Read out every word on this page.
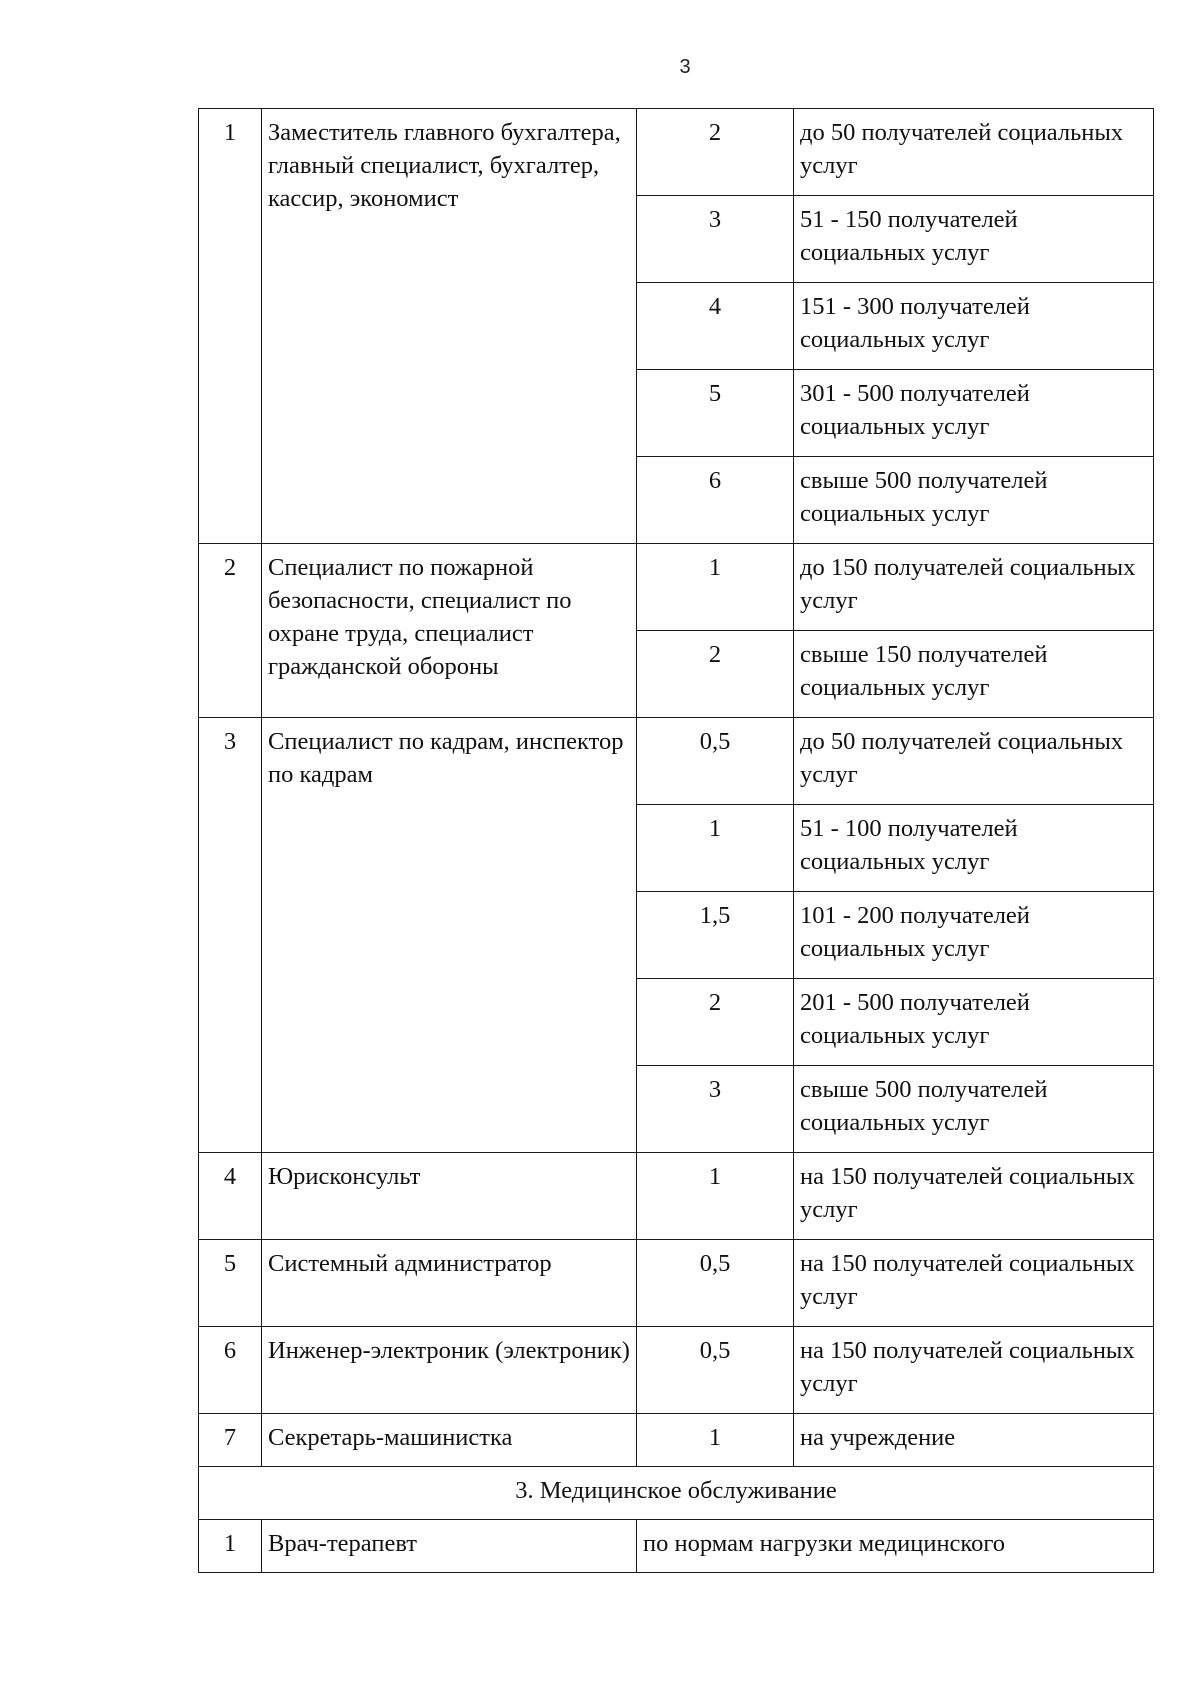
3
1	Заместитель главного бухгалтера, главный специалист, бухгалтер, кассир, экономист	2	до 50 получателей социальных услуг
		3	51 - 150 получателей социальных услуг
		4	151 - 300 получателей социальных услуг
		5	301 - 500 получателей социальных услуг
		6	свыше 500 получателей социальных услуг
2	Специалист по пожарной безопасности, специалист по охране труда, специалист гражданской обороны	1	до 150 получателей социальных услуг
		2	свыше 150 получателей социальных услуг
3	Специалист по кадрам, инспектор по кадрам	0,5	до 50 получателей социальных услуг
		1	51 - 100 получателей социальных услуг
		1,5	101 - 200 получателей социальных услуг
		2	201 - 500 получателей социальных услуг
		3	свыше 500 получателей социальных услуг
4	Юрисконсульт	1	на 150 получателей социальных услуг
5	Системный администратор	0,5	на 150 получателей социальных услуг
6	Инженер-электроник (электроник)	0,5	на 150 получателей социальных услуг
7	Секретарь-машинистка	1	на учреждение
3. Медицинское обслуживание			
1	Врач-терапевт	по нормам нагрузки медицинского	
